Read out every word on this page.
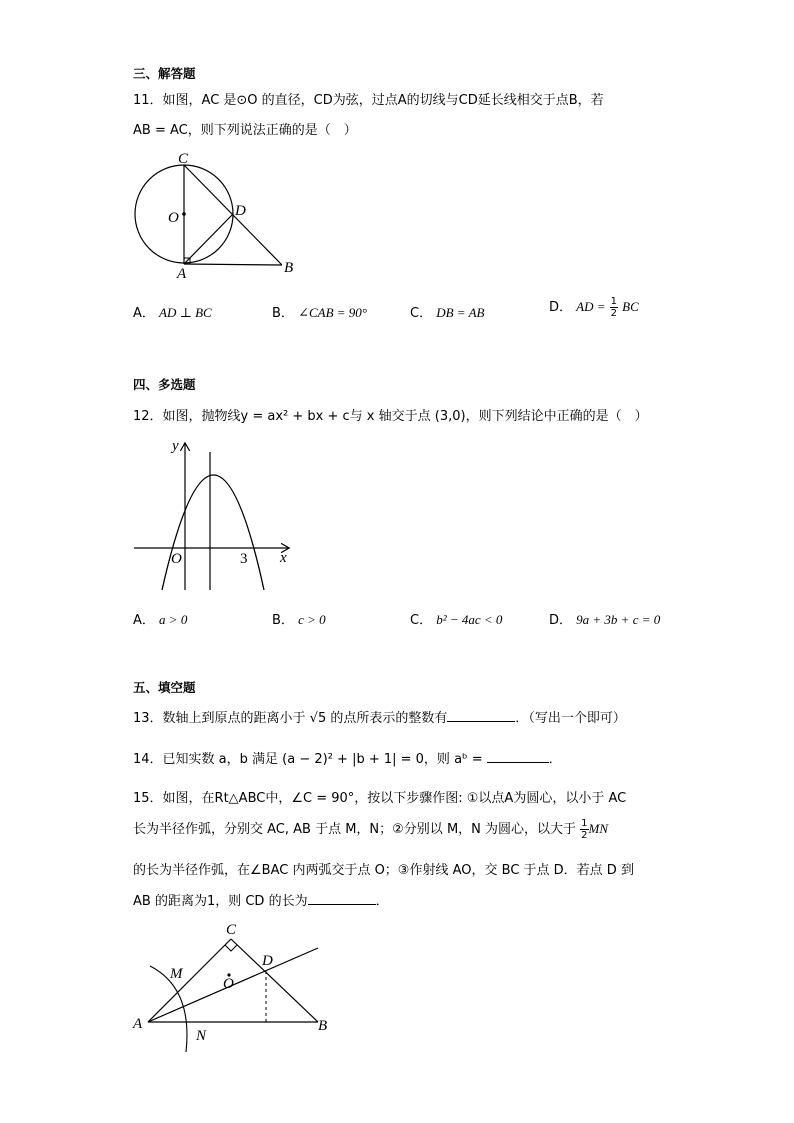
三、解答题
11．如图，AC 是⊙O 的直径，CD为弦，过点A的切线与CD延长线相交于点B，若
AB = AC，则下列说法正确的是（　）
C
O	D
A	B
A． AD ⊥ BC	B． ∠CAB = 90°	C． DB = AB	D． AD = $\frac{1}{2}$ BC
四、多选题
12．如图，抛物线y = ax² + bx + c与 x 轴交于点 (3,0)，则下列结论中正确的是（　）
y
x
O	3
A． a > 0	B． c > 0	C． b² − 4ac < 0	D． 9a + 3b + c = 0
五、填空题
13．数轴上到原点的距离小于 √5 的点所表示的整数有	．（写出一个即可）
14．已知实数 a，b 满足 (a − 2)² + |b + 1| = 0，则 aᵇ =	．
15．如图，在Rt△ABC中，∠C = 90°，按以下步骤作图: ①以点A为圆心，以小于 AC
长为半径作弧，分别交 AC, AB 于点 M，N；②分别以 M，N 为圆心，以大于 $\frac{1}{2}$ MN
的长为半径作弧，在∠BAC 内两弧交于点 O；③作射线 AO，交 BC 于点 D．若点 D 到
AB 的距离为1，则 CD 的长为	．
C
M
O
D
A
N
B
